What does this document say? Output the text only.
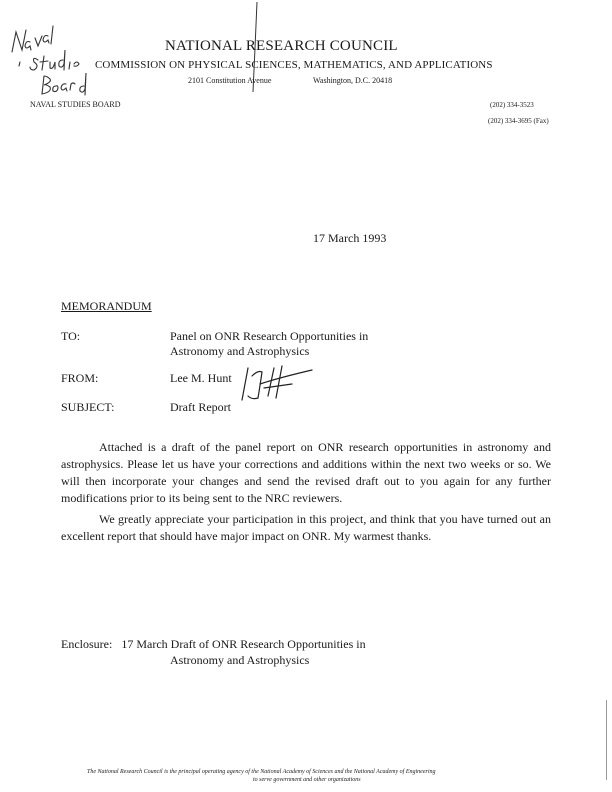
NATIONAL RESEARCH COUNCIL
COMMISSION ON PHYSICAL SCIENCES, MATHEMATICS, AND APPLICATIONS
2101 Constitution Avenue	Washington, D.C. 20418
NAVAL STUDIES BOARD	(202) 334-3523
(202) 334-3695 (Fax)
17 March 1993
MEMORANDUM
TO:	Panel on ONR Research Opportunities in
Astronomy and Astrophysics
FROM:	Lee M. Hunt
SUBJECT:	Draft Report

Attached is a draft of the panel report on ONR research opportunities in astronomy and astrophysics. Please let us have your corrections and additions within the next two weeks or so. We will then incorporate your changes and send the revised draft out to you again for any further modifications prior to its being sent to the NRC reviewers.

We greatly appreciate your participation in this project, and think that you have turned out an excellent report that should have major impact on ONR. My warmest thanks.

Enclosure: 17 March Draft of ONR Research Opportunities in
Astronomy and Astrophysics
The National Research Council is the principal operating agency of the National Academy of Sciences and the National Academy of Engineering
to serve government and other organizations
